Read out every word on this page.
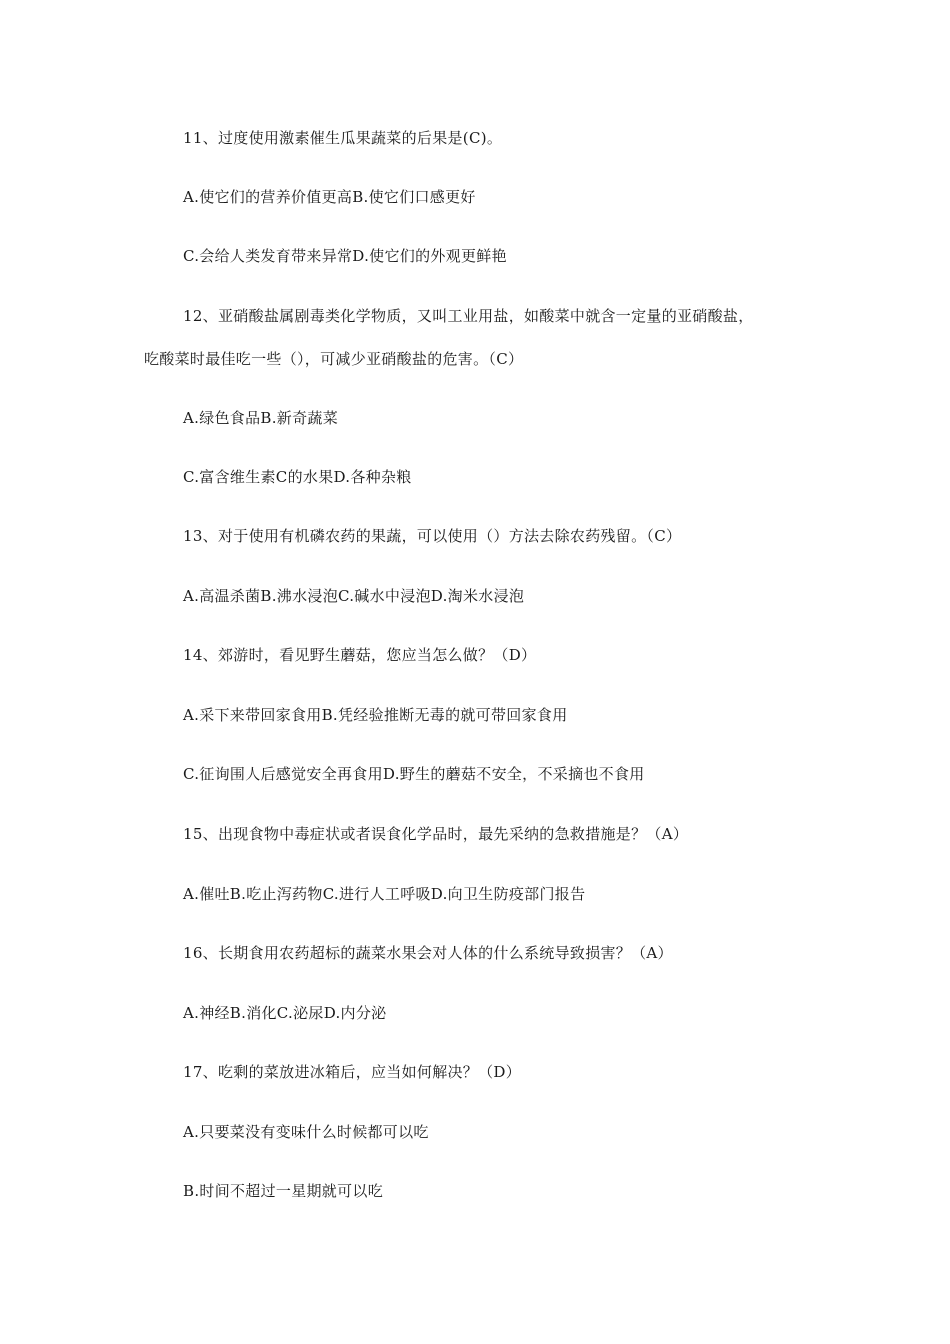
11、过度使用激素催生瓜果蔬菜的后果是(C)。
A.使它们的营养价值更高B.使它们口感更好
C.会给人类发育带来异常D.使它们的外观更鲜艳
12、亚硝酸盐属剧毒类化学物质，又叫工业用盐，如酸菜中就含一定量的亚硝酸盐，
吃酸菜时最佳吃一些（），可减少亚硝酸盐的危害。（C）
A.绿色食品B.新奇蔬菜
C.富含维生素C的水果D.各种杂粮
13、对于使用有机磷农药的果蔬，可以使用（）方法去除农药残留。（C）
A.高温杀菌B.沸水浸泡C.碱水中浸泡D.淘米水浸泡
14、郊游时，看见野生蘑菇，您应当怎么做？（D）
A.采下来带回家食用B.凭经验推断无毒的就可带回家食用
C.征询围人后感觉安全再食用D.野生的蘑菇不安全，不采摘也不食用
15、出现食物中毒症状或者误食化学品时，最先采纳的急救措施是？（A）
A.催吐B.吃止泻药物C.进行人工呼吸D.向卫生防疫部门报告
16、长期食用农药超标的蔬菜水果会对人体的什么系统导致损害？（A）
A.神经B.消化C.泌尿D.内分泌
17、吃剩的菜放进冰箱后，应当如何解决？（D）
A.只要菜没有变味什么时候都可以吃
B.时间不超过一星期就可以吃
